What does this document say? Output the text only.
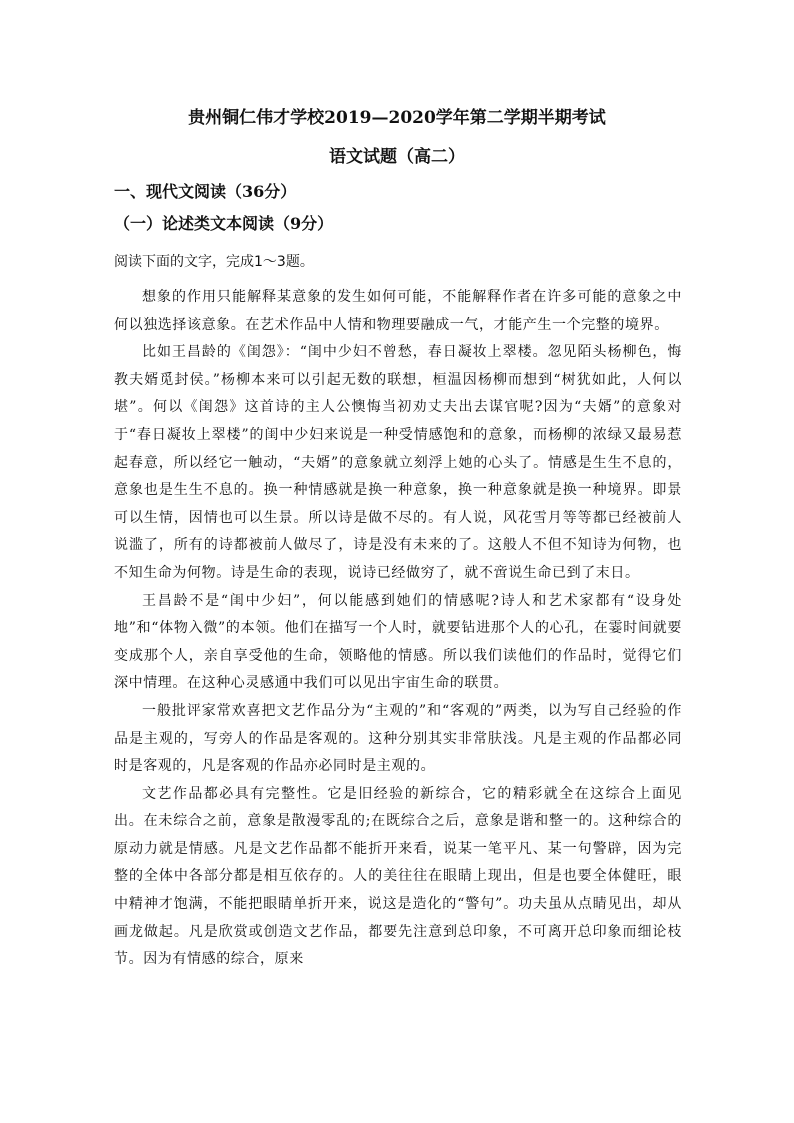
贵州铜仁伟才学校2019—2020学年第二学期半期考试
语文试题（高二）
一、现代文阅读（36分）
（一）论述类文本阅读（9分）
阅读下面的文字，完成1～3题。

想象的作用只能解释某意象的发生如何可能，不能解释作者在许多可能的意象之中何以独选择该意象。在艺术作品中人情和物理要融成一气，才能产生一个完整的境界。

比如王昌龄的《闺怨》：“闺中少妇不曾愁，春日凝妆上翠楼。忽见陌头杨柳色，悔教夫婿觅封侯。”杨柳本来可以引起无数的联想，桓温因杨柳而想到“树犹如此，人何以堪”。何以《闺怨》这首诗的主人公懊悔当初劝丈夫出去谋官呢?因为“夫婿”的意象对于“春日凝妆上翠楼”的闺中少妇来说是一种受情感饱和的意象，而杨柳的浓绿又最易惹起春意，所以经它一触动，“夫婿”的意象就立刻浮上她的心头了。情感是生生不息的，意象也是生生不息的。换一种情感就是换一种意象，换一种意象就是换一种境界。即景可以生情，因情也可以生景。所以诗是做不尽的。有人说，风花雪月等等都已经被前人说滥了，所有的诗都被前人做尽了，诗是没有未来的了。这般人不但不知诗为何物，也不知生命为何物。诗是生命的表现，说诗已经做穷了，就不啻说生命已到了末日。

王昌龄不是“闺中少妇”，何以能感到她们的情感呢?诗人和艺术家都有“设身处地”和“体物入微”的本领。他们在描写一个人时，就要钻进那个人的心孔，在霎时间就要变成那个人，亲自享受他的生命，领略他的情感。所以我们读他们的作品时，觉得它们深中情理。在这种心灵感通中我们可以见出宇宙生命的联贯。

一般批评家常欢喜把文艺作品分为“主观的”和“客观的”两类，以为写自己经验的作品是主观的，写旁人的作品是客观的。这种分别其实非常肤浅。凡是主观的作品都必同时是客观的，凡是客观的作品亦必同时是主观的。

文艺作品都必具有完整性。它是旧经验的新综合，它的精彩就全在这综合上面见出。在未综合之前，意象是散漫零乱的;在既综合之后，意象是谐和整一的。这种综合的原动力就是情感。凡是文艺作品都不能折开来看，说某一笔平凡、某一句警辟，因为完整的全体中各部分都是相互依存的。人的美往往在眼睛上现出，但是也要全体健旺，眼中精神才饱满，不能把眼睛单折开来，说这是造化的“警句”。功夫虽从点睛见出，却从画龙做起。凡是欣赏或创造文艺作品，都要先注意到总印象，不可离开总印象而细论枝节。因为有情感的综合，原来
